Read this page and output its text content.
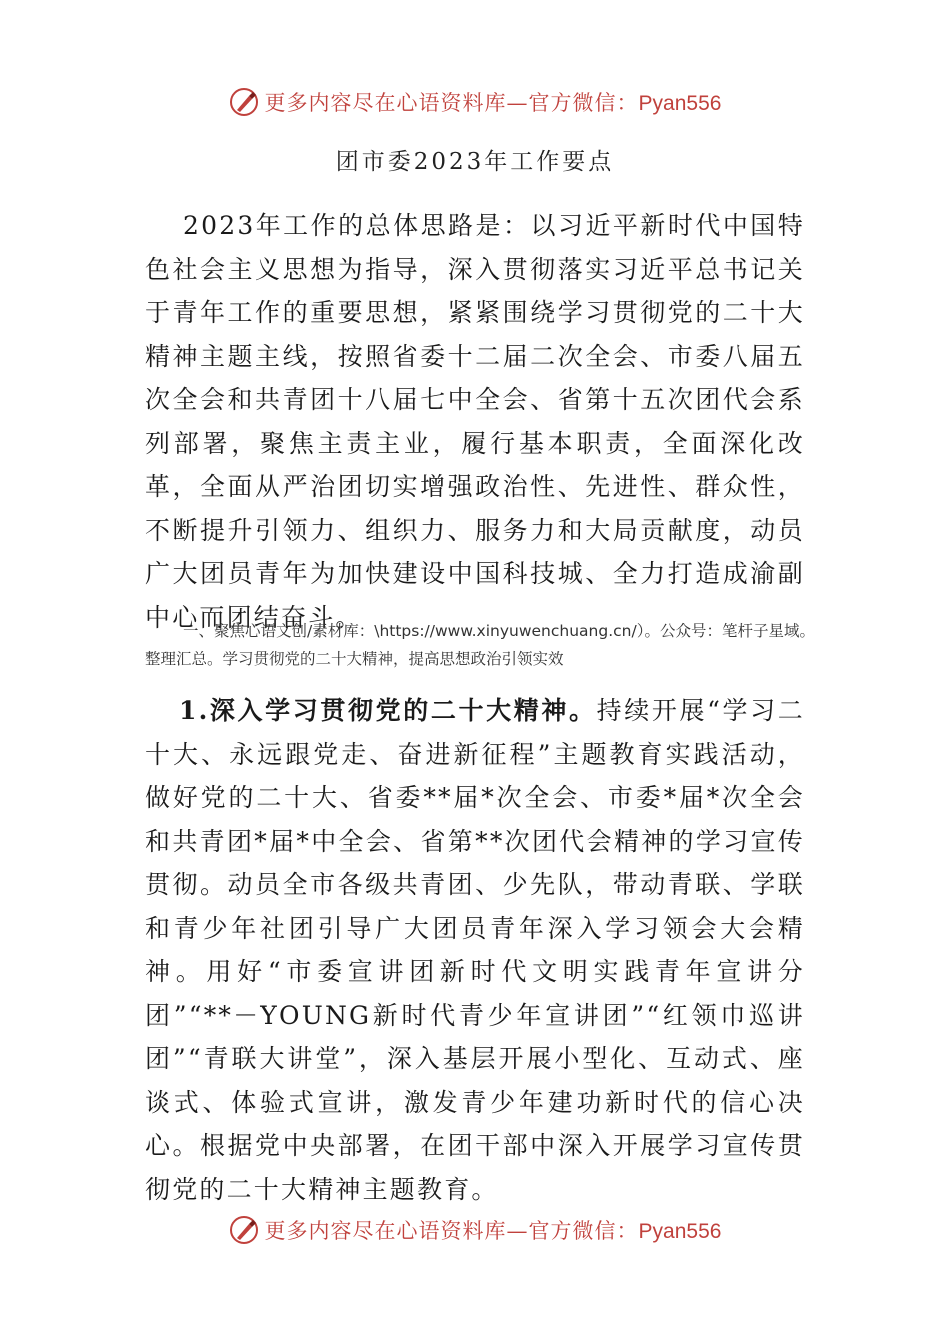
更多内容尽在心语资料库—官方微信：Pyan556
团市委2023年工作要点

2023年工作的总体思路是：以习近平新时代中国特色社会主义思想为指导，深入贯彻落实习近平总书记关于青年工作的重要思想，紧紧围绕学习贯彻党的二十大精神主题主线，按照省委十二届二次全会、市委八届五次全会和共青团十八届七中全会、省第十五次团代会系列部署，聚焦主责主业，履行基本职责，全面深化改革，全面从严治团切实增强政治性、先进性、群众性，不断提升引领力、组织力、服务力和大局贡献度，动员广大团员青年为加快建设中国科技城、全力打造成渝副中心而团结奋斗。

一、聚焦心语文创/素材库：\https://www.xinyuwenchuang.cn/）。公众号：笔杆子星域。整理汇总。学习贯彻党的二十大精神，提高思想政治引领实效

1.深入学习贯彻党的二十大精神。持续开展“学习二十大、永远跟党走、奋进新征程”主题教育实践活动，做好党的二十大、省委**届*次全会、市委*届*次全会和共青团*届*中全会、省第**次团代会精神的学习宣传贯彻。动员全市各级共青团、少先队，带动青联、学联和青少年社团引导广大团员青年深入学习领会大会精神。用好“市委宣讲团新时代文明实践青年宣讲分团”“**－YOUNG新时代青少年宣讲团”“红领巾巡讲团”“青联大讲堂”，深入基层开展小型化、互动式、座谈式、体验式宣讲，激发青少年建功新时代的信心决心。根据党中央部署，在团干部中深入开展学习宣传贯彻党的二十大精神主题教育。

更多内容尽在心语资料库—官方微信：Pyan556
